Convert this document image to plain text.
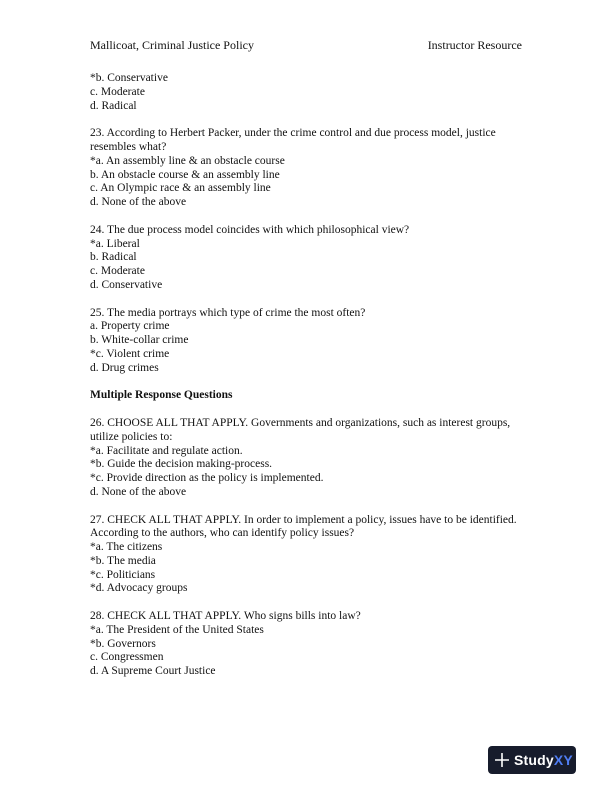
Mallicoat, Criminal Justice Policy	Instructor Resource
*b. Conservative
c. Moderate
d. Radical
23. According to Herbert Packer, under the crime control and due process model, justice resembles what?
*a. An assembly line & an obstacle course
b. An obstacle course & an assembly line
c. An Olympic race & an assembly line
d. None of the above
24. The due process model coincides with which philosophical view?
*a. Liberal
b. Radical
c. Moderate
d. Conservative
25. The media portrays which type of crime the most often?
a. Property crime
b. White-collar crime
*c. Violent crime
d. Drug crimes
Multiple Response Questions
26. CHOOSE ALL THAT APPLY. Governments and organizations, such as interest groups, utilize policies to:
*a. Facilitate and regulate action.
*b. Guide the decision making-process.
*c. Provide direction as the policy is implemented.
d. None of the above
27. CHECK ALL THAT APPLY. In order to implement a policy, issues have to be identified. According to the authors, who can identify policy issues?
*a. The citizens
*b. The media
*c. Politicians
*d. Advocacy groups
28. CHECK ALL THAT APPLY. Who signs bills into law?
*a. The President of the United States
*b. Governors
c. Congressmen
d. A Supreme Court Justice
StudyXY
